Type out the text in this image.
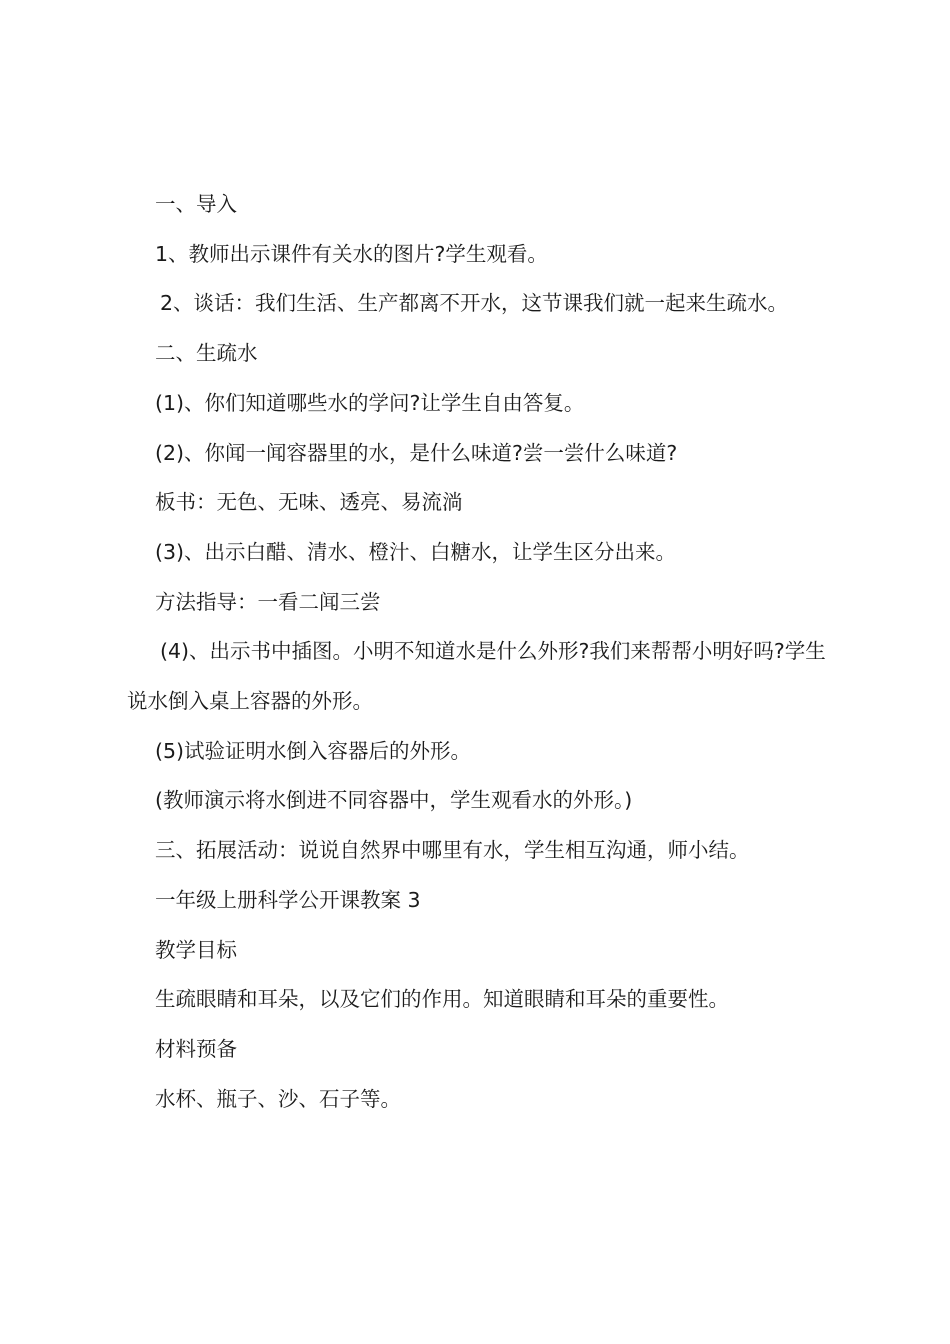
一、导入

1、教师出示课件有关水的图片?学生观看。

2、谈话：我们生活、生产都离不开水，这节课我们就一起来生疏水。

二、生疏水

(1)、你们知道哪些水的学问?让学生自由答复。

(2)、你闻一闻容器里的水，是什么味道?尝一尝什么味道?

板书：无色、无味、透亮、易流淌

(3)、出示白醋、清水、橙汁、白糖水，让学生区分出来。

方法指导：一看二闻三尝

(4)、出示书中插图。小明不知道水是什么外形?我们来帮帮小明好吗?学生说水倒入桌上容器的外形。

(5)试验证明水倒入容器后的外形。

(教师演示将水倒进不同容器中，学生观看水的外形。)

三、拓展活动：说说自然界中哪里有水，学生相互沟通，师小结。

一年级上册科学公开课教案 3

教学目标

生疏眼睛和耳朵，以及它们的作用。知道眼睛和耳朵的重要性。

材料预备

水杯、瓶子、沙、石子等。
